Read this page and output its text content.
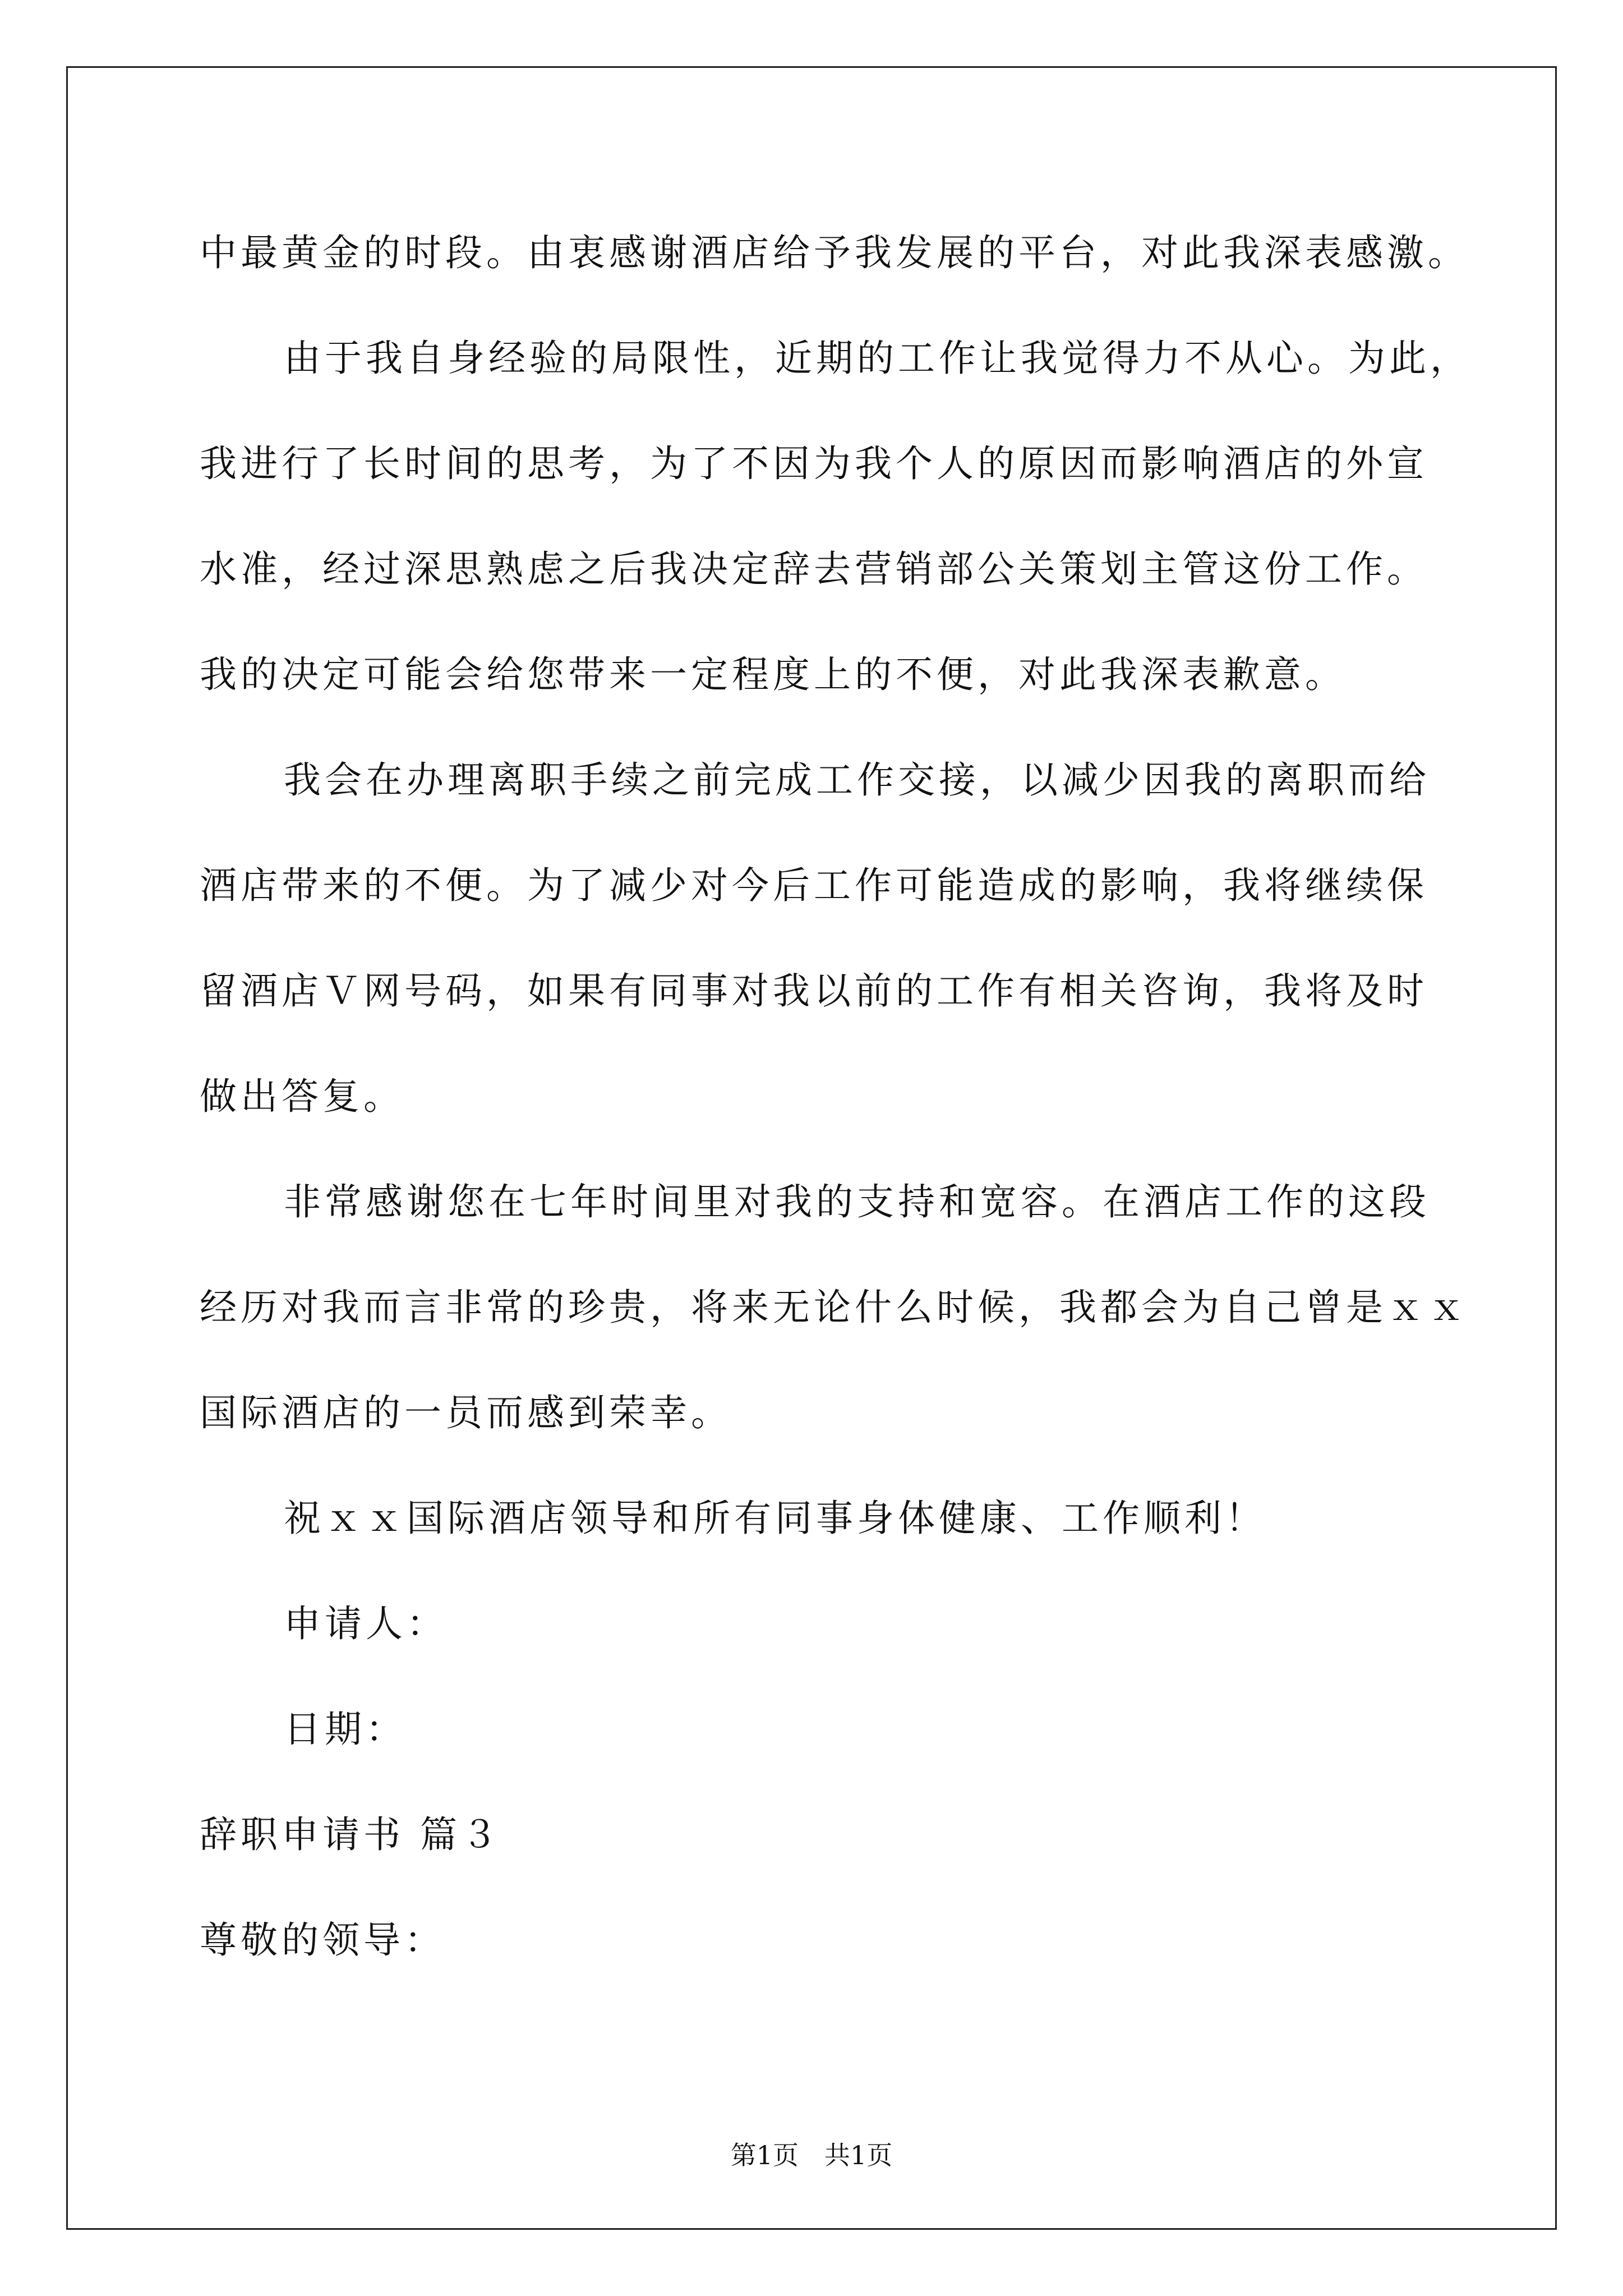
中最黄金的时段。由衷感谢酒店给予我发展的平台，对此我深表感激。
由于我自身经验的局限性，近期的工作让我觉得力不从心。为此，
我进行了长时间的思考，为了不因为我个人的原因而影响酒店的外宣
水准，经过深思熟虑之后我决定辞去营销部公关策划主管这份工作。
我的决定可能会给您带来一定程度上的不便，对此我深表歉意。
我会在办理离职手续之前完成工作交接，以减少因我的离职而给
酒店带来的不便。为了减少对今后工作可能造成的影响，我将继续保
留酒店Ｖ网号码，如果有同事对我以前的工作有相关咨询，我将及时
做出答复。
非常感谢您在七年时间里对我的支持和宽容。在酒店工作的这段
经历对我而言非常的珍贵，将来无论什么时候，我都会为自己曾是ｘｘ
国际酒店的一员而感到荣幸。
祝ｘｘ国际酒店领导和所有同事身体健康、工作顺利！
申请人：
日期：
辞职申请书 篇３
尊敬的领导：
第1页　共1页
